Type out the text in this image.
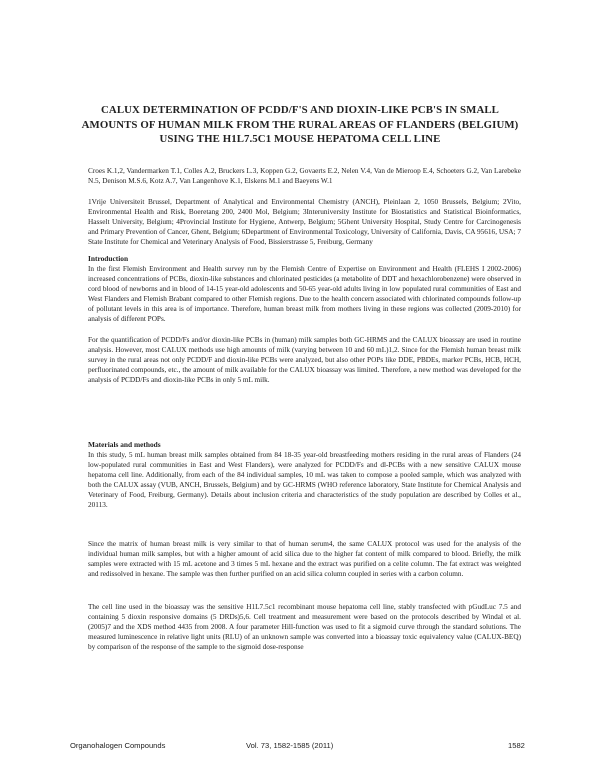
CALUX DETERMINATION OF PCDD/F'S AND DIOXIN-LIKE PCB'S IN SMALL AMOUNTS OF HUMAN MILK FROM THE RURAL AREAS OF FLANDERS (BELGIUM) USING THE H1L7.5C1 MOUSE HEPATOMA CELL LINE
Croes K.1,2, Vandermarken T.1, Colles A.2, Bruckers L.3, Koppen G.2, Govaerts E.2, Nelen V.4, Van de Mieroop E.4, Schoeters G.2, Van Larebeke N.5, Denison M.S.6, Kotz A.7, Van Langenhove K.1, Elskens M.1 and Baeyens W.1
1Vrije Universiteit Brussel, Department of Analytical and Environmental Chemistry (ANCH), Pleinlaan 2, 1050 Brussels, Belgium; 2Vito, Environmental Health and Risk, Boeretang 200, 2400 Mol, Belgium; 3Interuniversity Institute for Biostatistics and Statistical Bioinformatics, Hasselt University, Belgium; 4Provincial Institute for Hygiene, Antwerp, Belgium; 5Ghent University Hospital, Study Centre for Carcinogenesis and Primary Prevention of Cancer, Ghent, Belgium; 6Department of Environmental Toxicology, University of California, Davis, CA 95616, USA; 7 State Institute for Chemical and Veterinary Analysis of Food, Bissierstrasse 5, Freiburg, Germany
Introduction
In the first Flemish Environment and Health survey run by the Flemish Centre of Expertise on Environment and Health (FLEHS I 2002-2006) increased concentrations of PCBs, dioxin-like substances and chlorinated pesticides (a metabolite of DDT and hexachlorobenzene) were observed in cord blood of newborns and in blood of 14-15 year-old adolescents and 50-65 year-old adults living in low populated rural communities of East and West Flanders and Flemish Brabant compared to other Flemish regions. Due to the health concern associated with chlorinated compounds follow-up of pollutant levels in this area is of importance. Therefore, human breast milk from mothers living in these regions was collected (2009-2010) for analysis of different POPs.
For the quantification of PCDD/Fs and/or dioxin-like PCBs in (human) milk samples both GC-HRMS and the CALUX bioassay are used in routine analysis. However, most CALUX methods use high amounts of milk (varying between 10 and 60 mL)1,2. Since for the Flemish human breast milk survey in the rural areas not only PCDD/F and dioxin-like PCBs were analyzed, but also other POPs like DDE, PBDEs, marker PCBs, HCB, HCH, perfluorinated compounds, etc., the amount of milk available for the CALUX bioassay was limited. Therefore, a new method was developed for the analysis of PCDD/Fs and dioxin-like PCBs in only 5 mL milk.
Materials and methods
In this study, 5 mL human breast milk samples obtained from 84 18-35 year-old breastfeeding mothers residing in the rural areas of Flanders (24 low-populated rural communities in East and West Flanders), were analyzed for PCDD/Fs and dl-PCBs with a new sensitive CALUX mouse hepatoma cell line. Additionally, from each of the 84 individual samples, 10 mL was taken to compose a pooled sample, which was analyzed with both the CALUX assay (VUB, ANCH, Brussels, Belgium) and by GC-HRMS (WHO reference laboratory, State Institute for Chemical Analysis and Veterinary of Food, Freiburg, Germany). Details about inclusion criteria and characteristics of the study population are described by Colles et al., 20113.
Since the matrix of human breast milk is very similar to that of human serum4, the same CALUX protocol was used for the analysis of the individual human milk samples, but with a higher amount of acid silica due to the higher fat content of milk compared to blood. Briefly, the milk samples were extracted with 15 mL acetone and 3 times 5 mL hexane and the extract was purified on a celite column. The fat extract was weighted and redissolved in hexane. The sample was then further purified on an acid silica column coupled in series with a carbon column.
The cell line used in the bioassay was the sensitive H1L7.5c1 recombinant mouse hepatoma cell line, stably transfected with pGudLuc 7.5 and containing 5 dioxin responsive domains (5 DRDs)5,6. Cell treatment and measurement were based on the protocols described by Windal et al. (2005)7 and the XDS method 4435 from 2008. A four parameter Hill-function was used to fit a sigmoid curve through the standard solutions. The measured luminescence in relative light units (RLU) of an unknown sample was converted into a bioassay toxic equivalency value (CALUX-BEQ) by comparison of the response of the sample to the sigmoid dose-response
Organohalogen Compounds	Vol. 73, 1582-1585 (2011)	1582
